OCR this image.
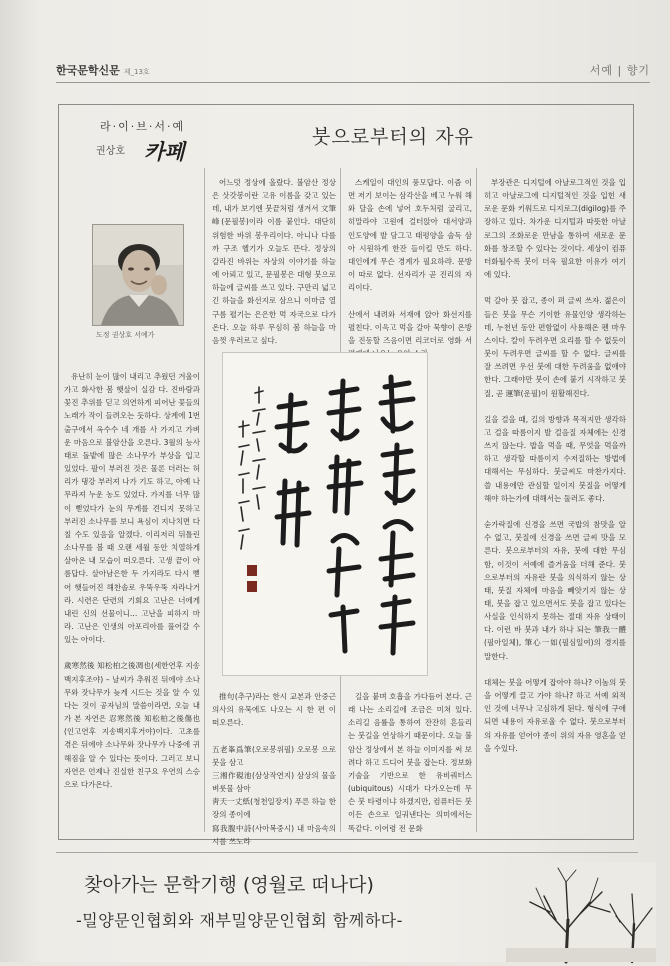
한국문학신문 제_13호	서예 | 향기
라·이·브·서·예
권상호 카페
붓으로부터의 자유
도정 권상호 서예가

유난히 눈이 많이 내리고 추웠던 겨울이 가고 화사한 봄 햇살이 실감 다. 진바람과 꽃진 추위를 딛고 의연하게 피어난 꽃들의 노래가 작이 들려오는 듯하다. 상계에 1번 출구에서 옥수수 네 개를 사 가지고 가벼운 마음으로 불암산을 오른다. 3월의 능사태로 돌밭에 많은 소나무가 부상을 입고 있었다. 팔이 부러진 것은 물론 더러는 허리가 댕강 부러져 나가 기도 하고, 아예 나무라져 누운 농도 있었다. 가지를 너무 많이 뻗었다가 눈의 무게를 견디지 못하고 부러진 소나무를 보니 욕심이 지나치면 다칠 수도 있음을 알겠다. 이리저리 뒤틀린 소나무를 볼 때 오랜 세월 동안 치열하게 살아온 내 모습이 떠오른다. 고생 끝이 아름답다. 살아남은한 두 가지라도 다시 뻗어 햇들어진 해찬솔로 우뚝우뚝 자라나거라. 시련은 단련의 기회요 고난은 너에게 내린 신의 선물이니… 고난을 피하지 마라. 고난은 인생의 아포리아를 풀어갈 수 있는 아이다.

歲寒然後 知松柏之後凋也(세한연후 지송백지후조야) – 날씨가 추워진 뒤에야 소나무와 잣나무가 늦게 시드는 것을 알 수 있다는 것이 공자님의 말씀이라면, 오늘 내가 본 자연은 忍寒然後 知松柏之後傷也(인고연후 지송백지후거야)이다. 고초를 겪은 뒤에야 소나무와 잣나무가 나중에 귀해짐을 알 수 있다는 뜻이다. 그러고 보니 자연은 언제나 진실한 친구요 우연의 스승으로 다가온다.

어느덧 정상에 올랐다. 불암산 정상은 삿갓봉이란 고유 이름을 갖고 있는데, 내가 보기엔 붓끝처럼 생겨서 文筆峰(문필봉)이라 이름 붙인다. 대단히 위험한 바위 봉우리이다. 아니나 다를까 구조 헬기가 오늘도 뜬다. 정상의 갈라진 바위는 자상의 이야기를 하늘에 아뢰고 있고, 문필봉은 대형 붓으로 하늘에 글씨를 쓰고 있다. 구만리 넓고 긴 하늘을 화선지로 삼으니 이마금 열구름 펼기는 은은한 먹 자국으로 다가온다. 오늘 하루 무심히 봄 하늘을 마음껏 우러르고 싶다.

스케일이 대인의 풍모답다. 이즘 이면 저기 보이는 삼각산을 베고 누워 해와 달을 손에 넣어 호두처럼 굴리고, 히말라야 고원에 걸터앉아 대서양과 인도양에 발 담그고 태평양을 술독 삼아 시원하게 한잔 들이킬 만도 하다. 대인에게 무슨 경계가 필요하랴. 문방이 따로 없다. 선자리가 곧 진리의 자리이다.

산에서 내려와 서재에 앉아 화선지를 펼친다. 이윽고 먹을 갈아 묵향이 온방을 진동할 즈음이면 리코더로 영화 서

부장관은 디지털에 아날로그적인 것을 입히고 아날로그에 디지털적인 것을 입힌 새로운 문화 키워드로 디지로그(digilog)를 주장하고 있다. 차가운 디지털과 따뜻한 아날로그의 조화로운 만남을 통하여 새로운 문화를 창조할 수 있다는 것이다. 세상이 컴퓨터화될수록 붓이 더욱 필요한 이유가 여기에 있다.

먹 갈아 붓 잡고, 종이 펴 글씨 쓰자. 젊은이들은 붓을 무슨 기이한 유물인양 생각하는데, 누천년 동안 편함없이 사용해온 펜 마우스이다. 칼이 두려우면 요리를 할 수 없듯이 붓이 두려우면 글씨를 할 수 없다. 글씨를 잘 쓰려면 우선 붓에 대한 두려움을 없애야 한다. 그래야만 붓이 손에 붙기 시작하고 붓질, 곧 運筆(운필)이 원활해진다.

길을 걸을 때, 길의 방향과 목적지만 생각하고 걸을 따름이지 발 걸음질 자체에는 신경 쓰지 않는다. 밥을 먹을 때, 무엇을 먹을까 하고 생각할 따름이지 수저질하는 방법에 대해서는 무심하다. 붓글씨도 마찬가지다. 쓸 내용에만 관심할 일이지 붓질을 어떻게 해야 하는가에 대해서는 둘러도 좋다.

숟가락질에 신경을 쓰면 국밥의 참맛을 알 수 없고, 붓질에 신경을 쓰면 글씨 맛을 모른다. 붓으로부터의 자유, 붓에 대한 무심함, 이것이 서예에 즐거움을 더해 준다. 붓으로부터의 자유란 붓을 의식하지 않는 상태, 붓질 자체에 마음을 빼앗기지 않는 상태, 붓을 잡고 있으면서도 붓을 잡고 있다는 사실을 인식하지 못하는 절대 자유 상태이다. 이런 바 붓과 내가 하나 되는 筆我一體(필아일체), 筆心一如(필심일여)의 경지를 말한다.

대체는 붓을 어떻게 잡아야 하나? 이놈의 붓을 어떻게 끌고 가야 하나? 하고 서예 외적인 것에 너무나 고심하게 된다. 형식에 구애되면 내용이 자유로울 수 없다. 붓으로부터의 자유를 얻어야 종이 위의 자유 영혼을 얻을 수있다.

推句(추구)라는 한시 교본과 안중근 의사의 유묵에도 나오는 시 한 편 이 떠오른다.

五老峯爲筆(오로봉위필) 오로봉 으로 붓을 삼고
三湘作硯池(삼상작연지) 삼상의 물을 벼룻물 삼아
靑天一丈紙(청천일장지) 푸른 하늘 한 장의 종이에
寫我腹中詩(사아복중시) 내 마음속의 시를 쓰노라

길을 붙며 호흡을 가다듬어 본다. 근래 나는 소리길에 조금은 미쳐 있다. 소리길 음률을 통하여 잔잔히 흔들리는 붓길을 연상하기 때문이다. 오늘 불암산 정상에서 본 하늘 이미지를 써 보려다 하고 드디어 붓을 잡는다. 정보화 기술을 기반으로 한 유비쿼터스(ubiquitous) 시대가 다가오는데 무슨 붓 타령이냐 하겠지만, 컴퓨터든 붓이든 손으로 일궈낸다는 의미에서는 똑같다. 이어령 전 문화

찾아가는 문학기행 (영월로 떠나다)
-밀양문인협회와 재부밀양문인협회 함께하다-
